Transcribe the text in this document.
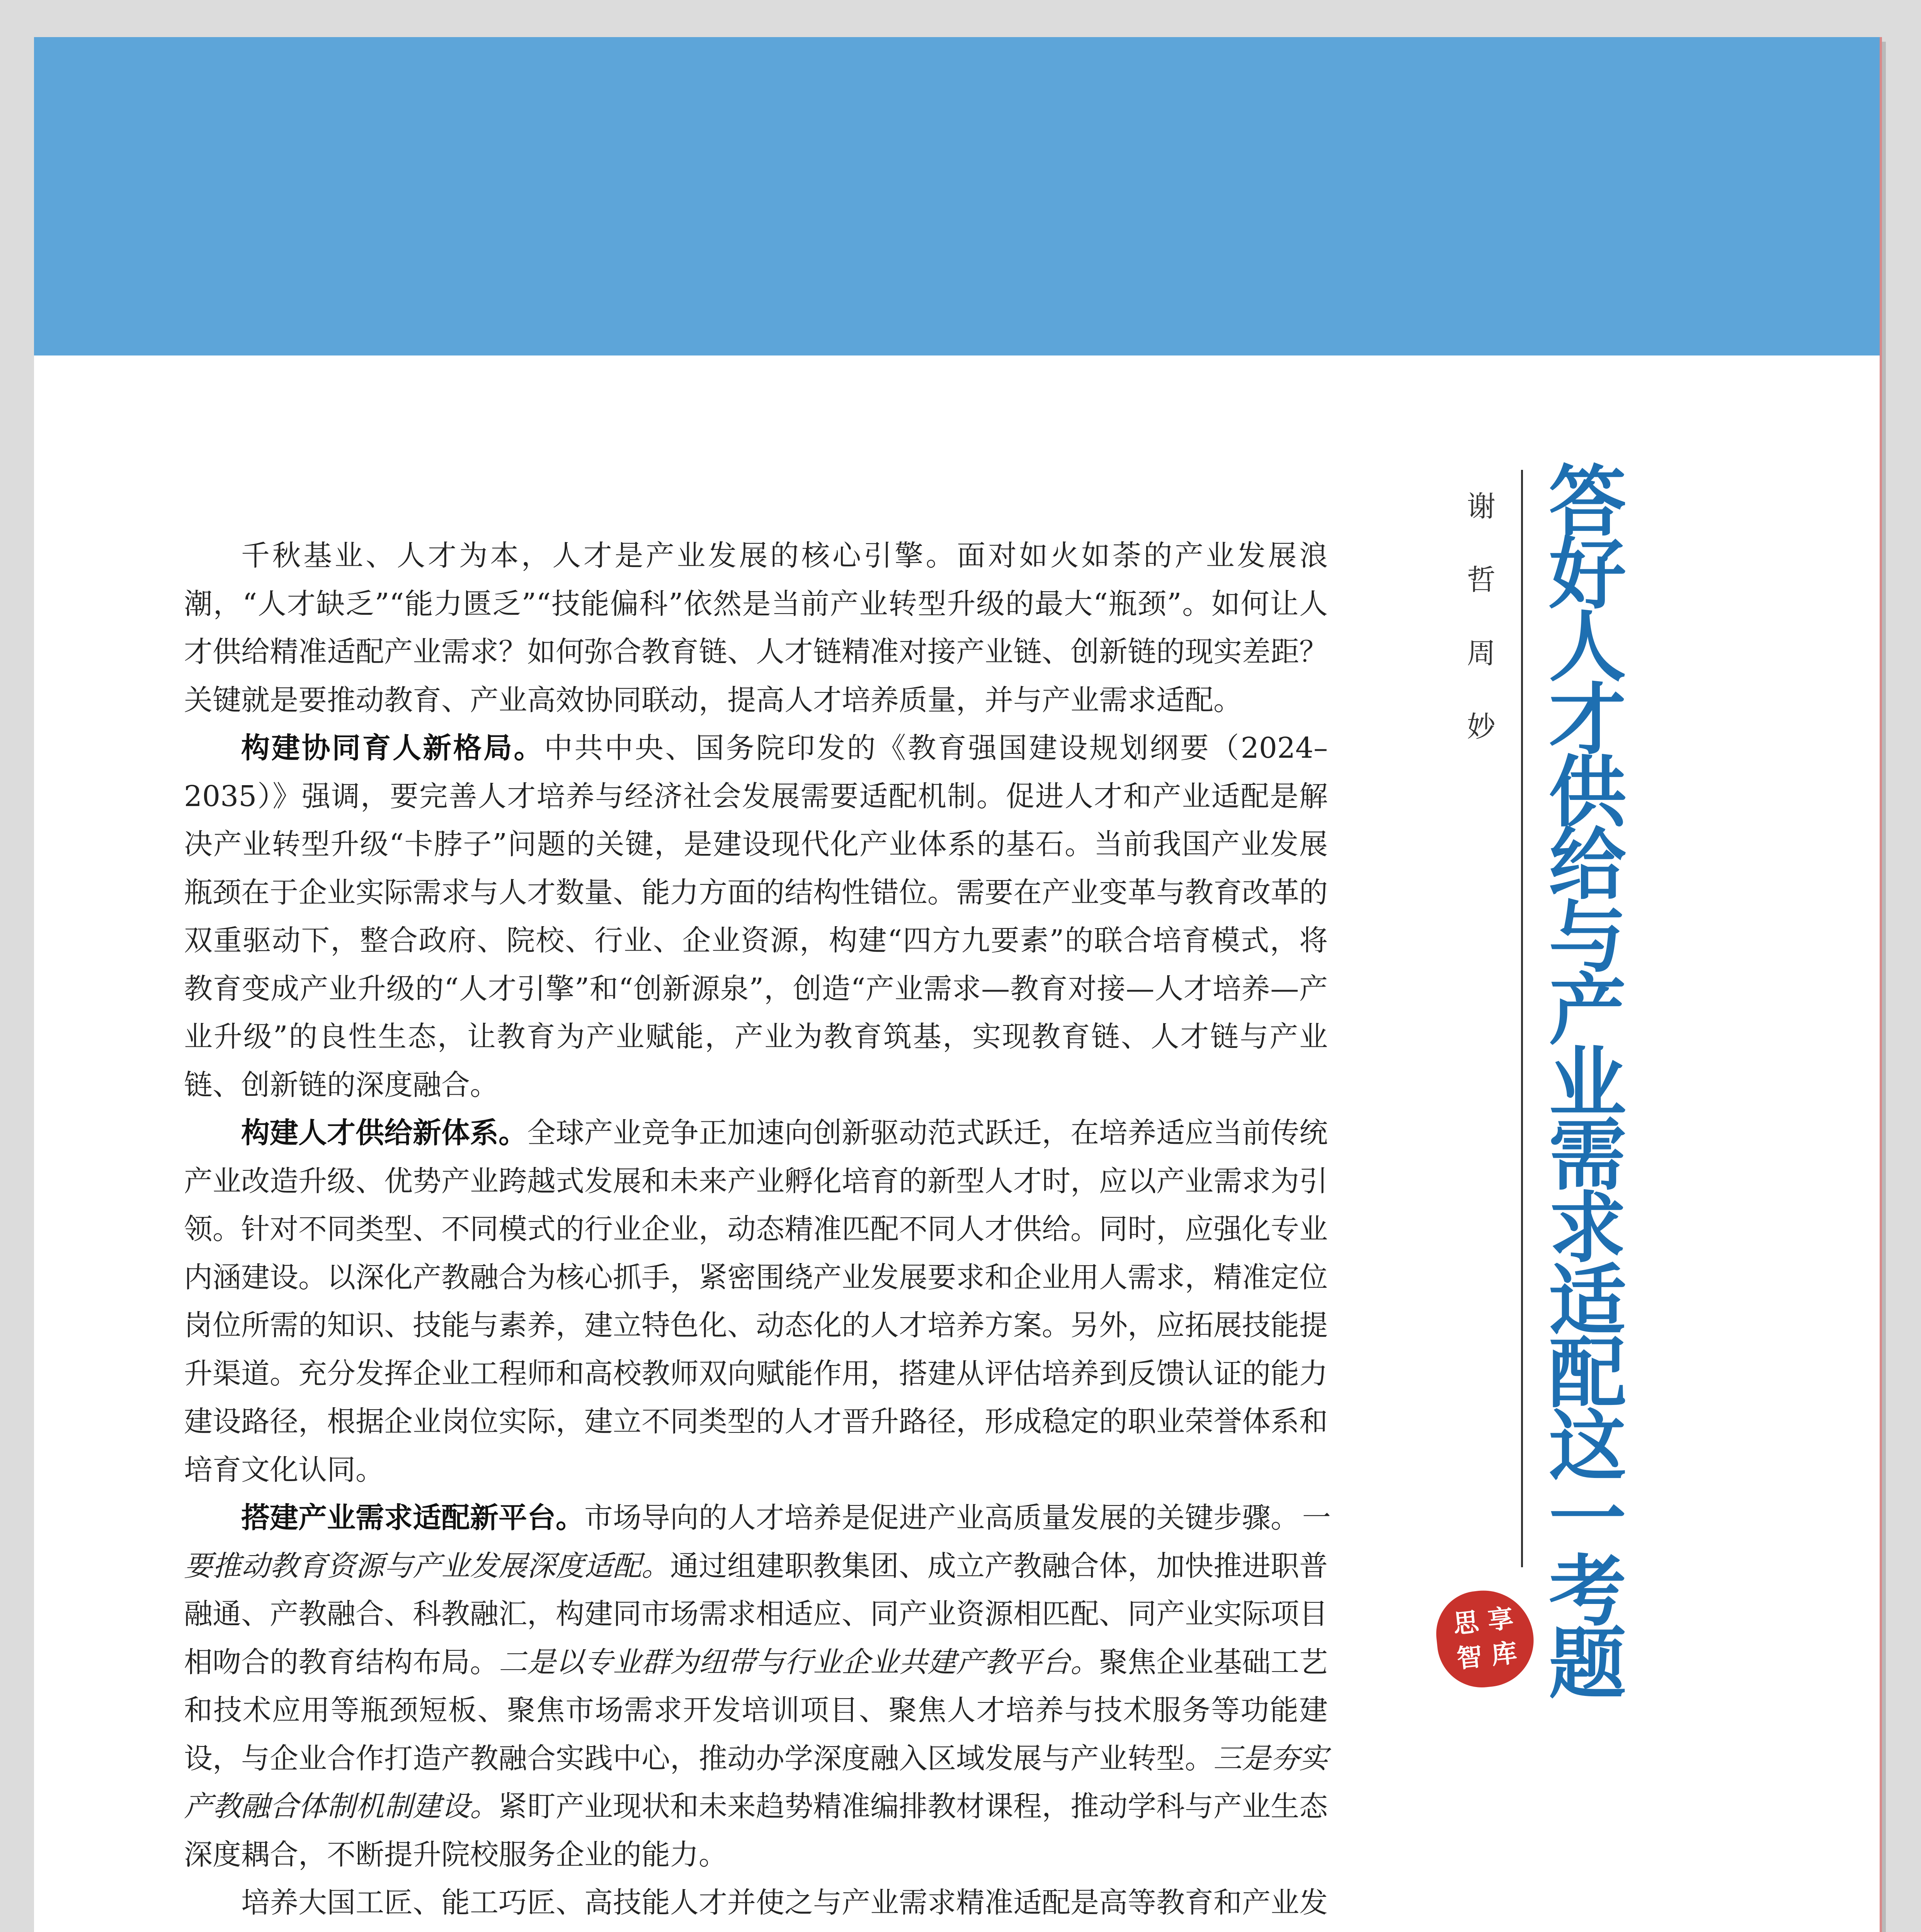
答
好
人
才
供
给
与
产
业
需
求
适
配
这
一
考
题
谢
哲
周
妙
思 享
智 库

千秋基业、人才为本，人才是产业发展的核心引擎。面对如火如荼的产业发展浪潮，“人才缺乏”“能力匮乏”“技能偏科”依然是当前产业转型升级的最大“瓶颈”。如何让人才供给精准适配产业需求？如何弥合教育链、人才链精准对接产业链、创新链的现实差距？关键就是要推动教育、产业高效协同联动，提高人才培养质量，并与产业需求适配。

构建协同育人新格局。中共中央、国务院印发的《教育强国建设规划纲要（2024–2035）》强调，要完善人才培养与经济社会发展需要适配机制。促进人才和产业适配是解决产业转型升级“卡脖子”问题的关键，是建设现代化产业体系的基石。当前我国产业发展瓶颈在于企业实际需求与人才数量、能力方面的结构性错位。需要在产业变革与教育改革的双重驱动下，整合政府、院校、行业、企业资源，构建“四方九要素”的联合培育模式，将教育变成产业升级的“人才引擎”和“创新源泉”，创造“产业需求—教育对接—人才培养—产业升级”的良性生态，让教育为产业赋能，产业为教育筑基，实现教育链、人才链与产业链、创新链的深度融合。

构建人才供给新体系。全球产业竞争正加速向创新驱动范式跃迁，在培养适应当前传统产业改造升级、优势产业跨越式发展和未来产业孵化培育的新型人才时，应以产业需求为引领。针对不同类型、不同模式的行业企业，动态精准匹配不同人才供给。同时，应强化专业内涵建设。以深化产教融合为核心抓手，紧密围绕产业发展要求和企业用人需求，精准定位岗位所需的知识、技能与素养，建立特色化、动态化的人才培养方案。另外，应拓展技能提升渠道。充分发挥企业工程师和高校教师双向赋能作用，搭建从评估培养到反馈认证的能力建设路径，根据企业岗位实际，建立不同类型的人才晋升路径，形成稳定的职业荣誉体系和培育文化认同。

搭建产业需求适配新平台。市场导向的人才培养是促进产业高质量发展的关键步骤。一要推动教育资源与产业发展深度适配。通过组建职教集团、成立产教融合体，加快推进职普融通、产教融合、科教融汇，构建同市场需求相适应、同产业资源相匹配、同产业实际项目相吻合的教育结构布局。二是以专业群为纽带与行业企业共建产教平台。聚焦企业基础工艺和技术应用等瓶颈短板、聚焦市场需求开发培训项目、聚焦人才培养与技术服务等功能建设，与企业合作打造产教融合实践中心，推动办学深度融入区域发展与产业转型。三是夯实产教融合体制机制建设。紧盯产业现状和未来趋势精准编排教材课程，推动学科与产业生态深度耦合，不断提升院校服务企业的能力。

培养大国工匠、能工巧匠、高技能人才并使之与产业需求精准适配是高等教育和产业发
